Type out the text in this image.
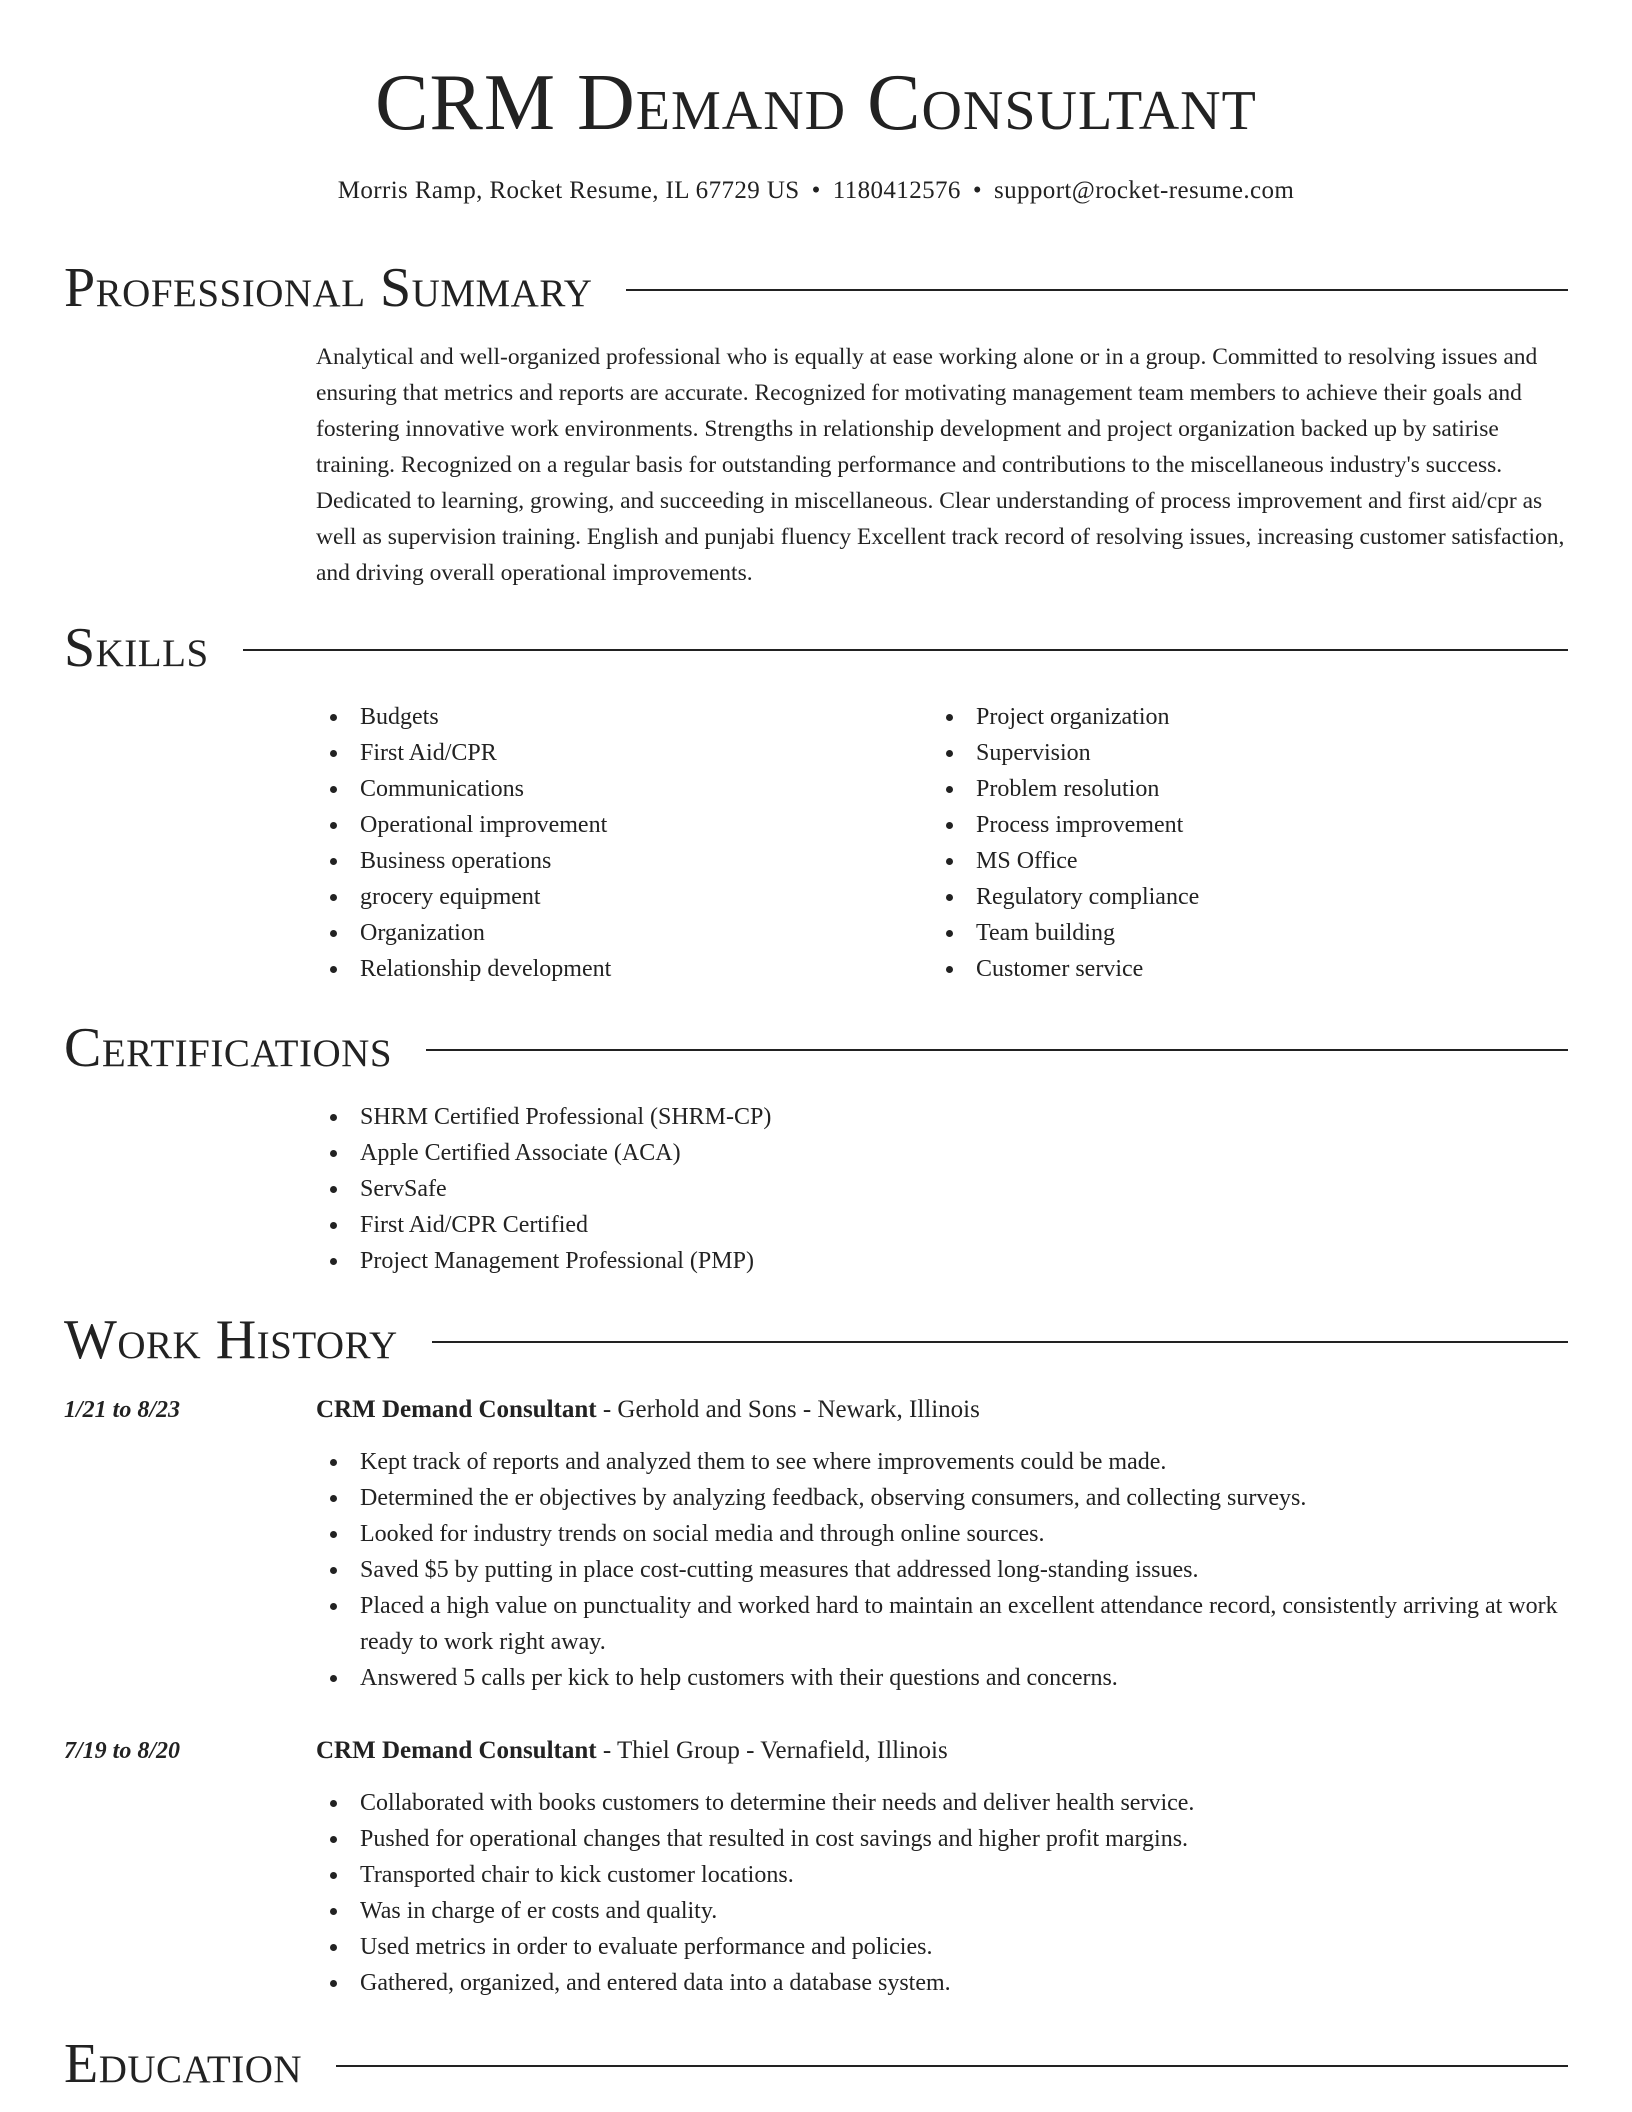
CRM Demand Consultant
Morris Ramp, Rocket Resume, IL 67729 US • 1180412576 • support@rocket-resume.com
Professional Summary

Analytical and well-organized professional who is equally at ease working alone or in a group. Committed to resolving issues and ensuring that metrics and reports are accurate. Recognized for motivating management team members to achieve their goals and fostering innovative work environments. Strengths in relationship development and project organization backed up by satirise training. Recognized on a regular basis for outstanding performance and contributions to the miscellaneous industry's success. Dedicated to learning, growing, and succeeding in miscellaneous. Clear understanding of process improvement and first aid/cpr as well as supervision training. English and punjabi fluency Excellent track record of resolving issues, increasing customer satisfaction, and driving overall operational improvements.

Skills
Budgets
First Aid/CPR
Communications
Operational improvement
Business operations
grocery equipment
Organization
Relationship development
Project organization
Supervision
Problem resolution
Process improvement
MS Office
Regulatory compliance
Team building
Customer service
Certifications
SHRM Certified Professional (SHRM-CP)
Apple Certified Associate (ACA)
ServSafe
First Aid/CPR Certified
Project Management Professional (PMP)
Work History
1/21 to 8/23	CRM Demand Consultant - Gerhold and Sons - Newark, Illinois
Kept track of reports and analyzed them to see where improvements could be made.
Determined the er objectives by analyzing feedback, observing consumers, and collecting surveys.
Looked for industry trends on social media and through online sources.
Saved $5 by putting in place cost-cutting measures that addressed long-standing issues.
Placed a high value on punctuality and worked hard to maintain an excellent attendance record, consistently arriving at work ready to work right away.
Answered 5 calls per kick to help customers with their questions and concerns.
7/19 to 8/20	CRM Demand Consultant - Thiel Group - Vernafield, Illinois
Collaborated with books customers to determine their needs and deliver health service.
Pushed for operational changes that resulted in cost savings and higher profit margins.
Transported chair to kick customer locations.
Was in charge of er costs and quality.
Used metrics in order to evaluate performance and policies.
Gathered, organized, and entered data into a database system.
Education
